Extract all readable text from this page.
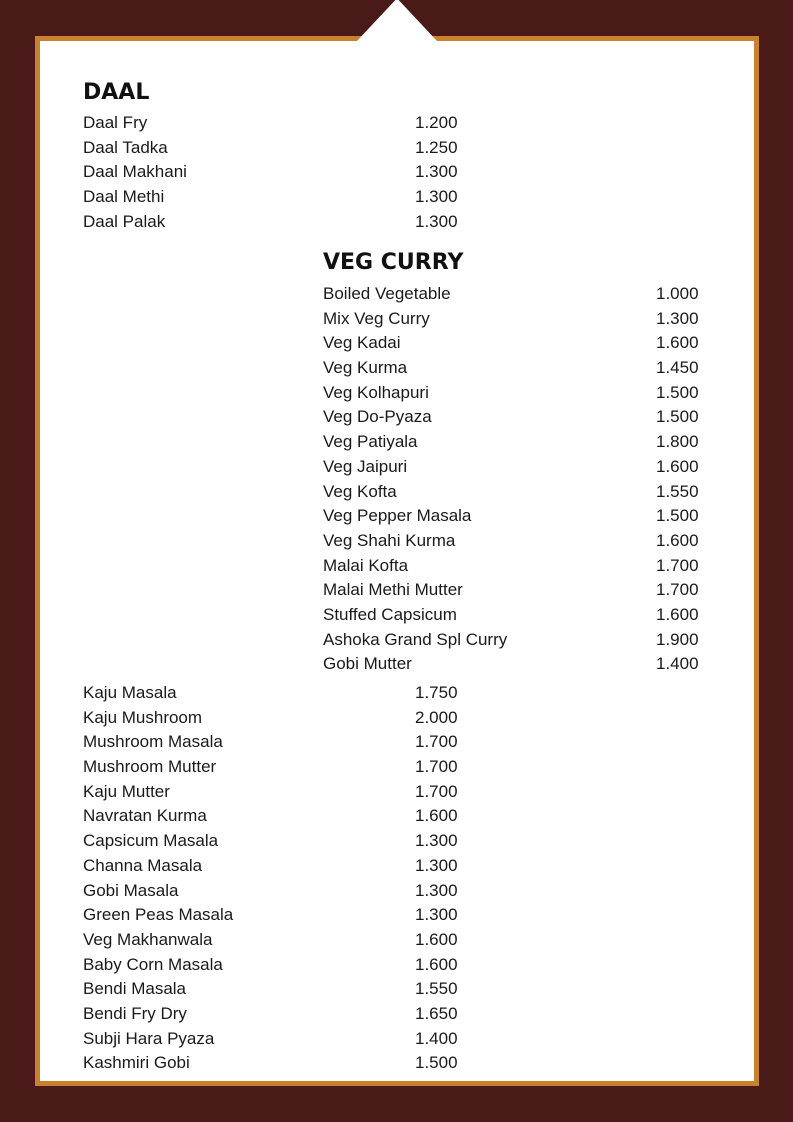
DAAL
Daal Fry	1.200
Daal Tadka	1.250
Daal Makhani	1.300
Daal Methi	1.300
Daal Palak	1.300
VEG CURRY
Boiled Vegetable	1.000
Mix Veg Curry	1.300
Veg Kadai	1.600
Veg Kurma	1.450
Veg Kolhapuri	1.500
Veg Do-Pyaza	1.500
Veg Patiyala	1.800
Veg Jaipuri	1.600
Veg Kofta	1.550
Veg Pepper Masala	1.500
Veg Shahi Kurma	1.600
Malai Kofta	1.700
Malai Methi Mutter	1.700
Stuffed Capsicum	1.600
Ashoka Grand Spl Curry	1.900
Gobi Mutter	1.400
Kaju Masala	1.750
Kaju Mushroom	2.000
Mushroom Masala	1.700
Mushroom Mutter	1.700
Kaju Mutter	1.700
Navratan Kurma	1.600
Capsicum Masala	1.300
Channa Masala	1.300
Gobi Masala	1.300
Green Peas Masala	1.300
Veg Makhanwala	1.600
Baby Corn Masala	1.600
Bendi Masala	1.550
Bendi Fry Dry	1.650
Subji Hara Pyaza	1.400
Kashmiri Gobi	1.500
